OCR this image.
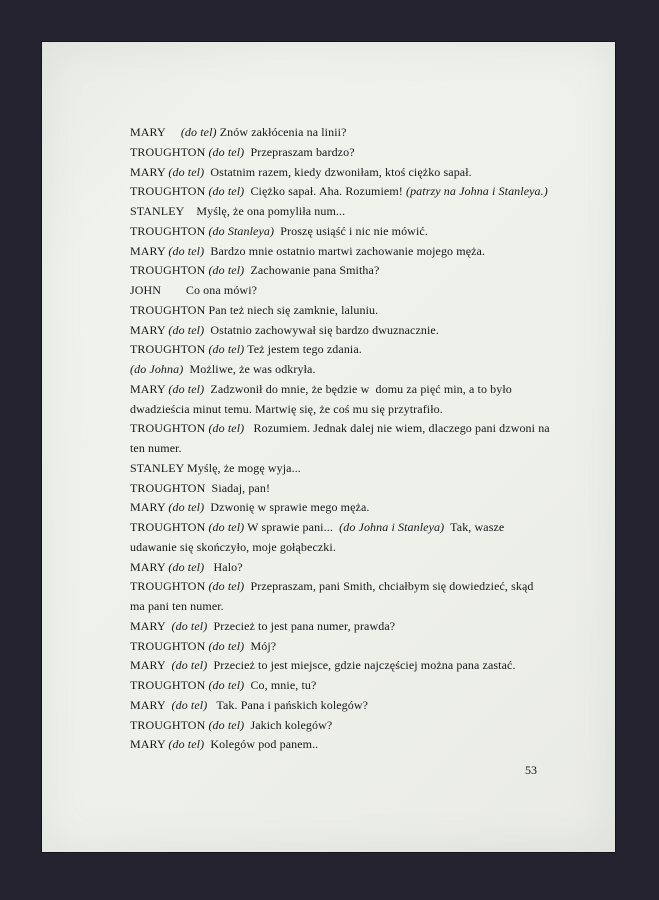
MARY     (do tel) Znów zakłócenia na linii?

TROUGHTON (do tel)  Przepraszam bardzo?

MARY (do tel)  Ostatnim razem, kiedy dzwoniłam, ktoś ciężko sapał.

TROUGHTON (do tel)  Ciężko sapał. Aha. Rozumiem! (patrzy na Johna i Stanleya.)

STANLEY    Myślę, że ona pomyliła num...

TROUGHTON (do Stanleya)  Proszę usiąść i nic nie mówić.

MARY (do tel)  Bardzo mnie ostatnio martwi zachowanie mojego męża.

TROUGHTON (do tel)  Zachowanie pana Smitha?

JOHN        Co ona mówi?

TROUGHTON Pan też niech się zamknie, laluniu.

MARY (do tel)  Ostatnio zachowywał się bardzo dwuznacznie.

TROUGHTON (do tel) Też jestem tego zdania.

(do Johna)  Możliwe, że was odkryła.

MARY (do tel)  Zadzwonił do mnie, że będzie w  domu za pięć min, a to było dwadzieścia minut temu. Martwię się, że coś mu się przytrafiło.

TROUGHTON (do tel)   Rozumiem. Jednak dalej nie wiem, dlaczego pani dzwoni na ten numer.

STANLEY Myślę, że mogę wyja...

TROUGHTON  Siadaj, pan!

MARY (do tel)  Dzwonię w sprawie mego męża.

TROUGHTON (do tel) W sprawie pani...  (do Johna i Stanleya)  Tak, wasze udawanie się skończyło, moje gołąbeczki.

MARY (do tel)   Halo?

TROUGHTON (do tel)  Przepraszam, pani Smith, chciałbym się dowiedzieć, skąd ma pani ten numer.

MARY  (do tel)  Przecież to jest pana numer, prawda?

TROUGHTON (do tel)  Mój?

MARY  (do tel)  Przecież to jest miejsce, gdzie najczęściej można pana zastać.

TROUGHTON (do tel)  Co, mnie, tu?

MARY  (do tel)   Tak. Pana i pańskich kolegów?

TROUGHTON (do tel)  Jakich kolegów?

MARY (do tel)  Kolegów pod panem..

53
